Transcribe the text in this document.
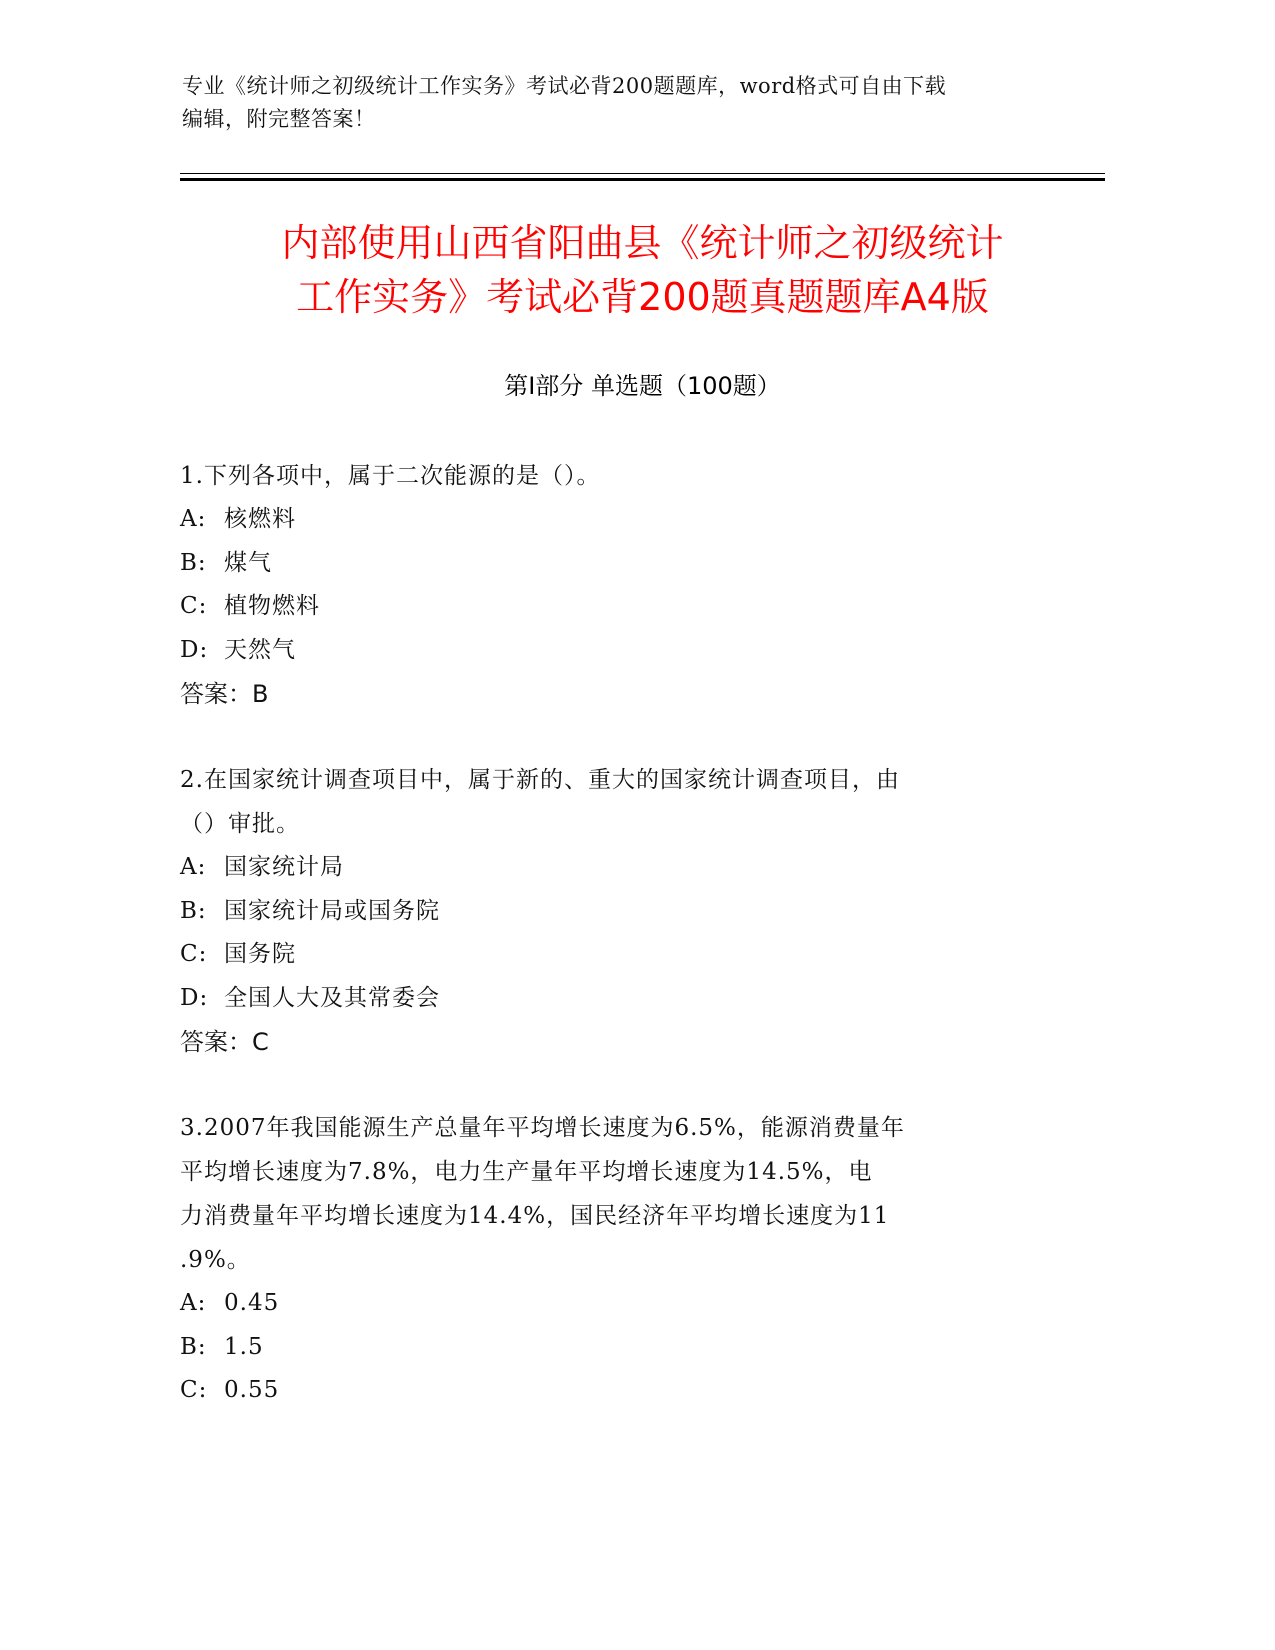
专业《统计师之初级统计工作实务》考试必背200题题库，word格式可自由下载
编辑，附完整答案！
内部使用山西省阳曲县《统计师之初级统计
工作实务》考试必背200题真题题库A4版
第Ⅰ部分 单选题（100题）
1.下列各项中，属于二次能源的是（）。
A: 核燃料
B: 煤气
C: 植物燃料
D: 天然气
答案：B
2.在国家统计调查项目中，属于新的、重大的国家统计调查项目，由
（）审批。
A: 国家统计局
B: 国家统计局或国务院
C: 国务院
D: 全国人大及其常委会
答案：C
3.2007年我国能源生产总量年平均增长速度为6.5%，能源消费量年
平均增长速度为7.8%，电力生产量年平均增长速度为14.5%，电
力消费量年平均增长速度为14.4%，国民经济年平均增长速度为11
.9%。
A: 0.45
B: 1.5
C: 0.55
